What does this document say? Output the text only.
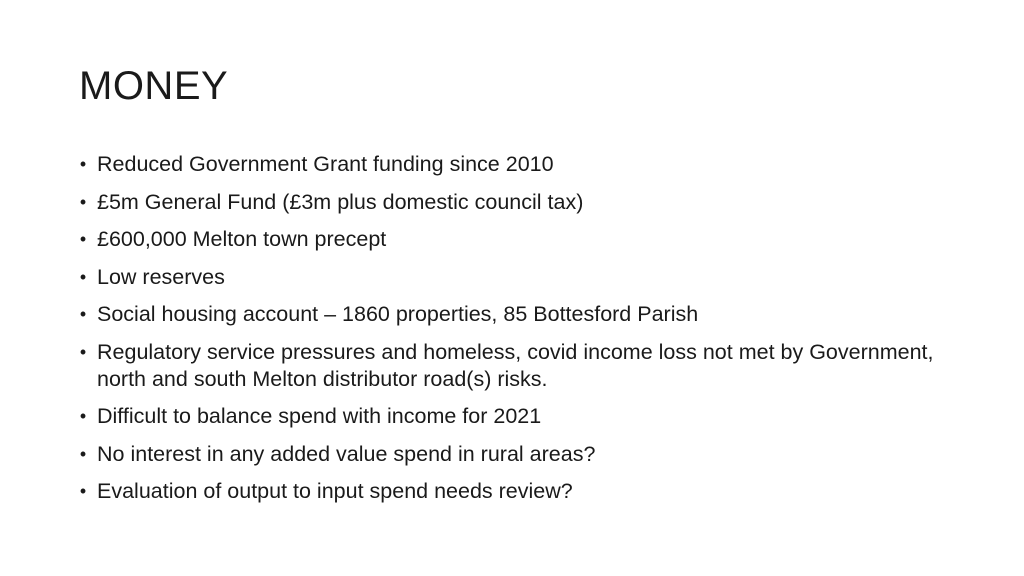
MONEY
• Reduced Government Grant funding since 2010
• £5m General Fund (£3m plus domestic council tax)
• £600,000 Melton town precept
• Low reserves
• Social housing account – 1860 properties, 85 Bottesford Parish
• Regulatory service pressures and homeless, covid income loss not met by Government, north and south Melton distributor road(s) risks.
• Difficult to balance spend with income for 2021
• No interest in any added value spend in rural areas?
• Evaluation of output to input spend needs review?
